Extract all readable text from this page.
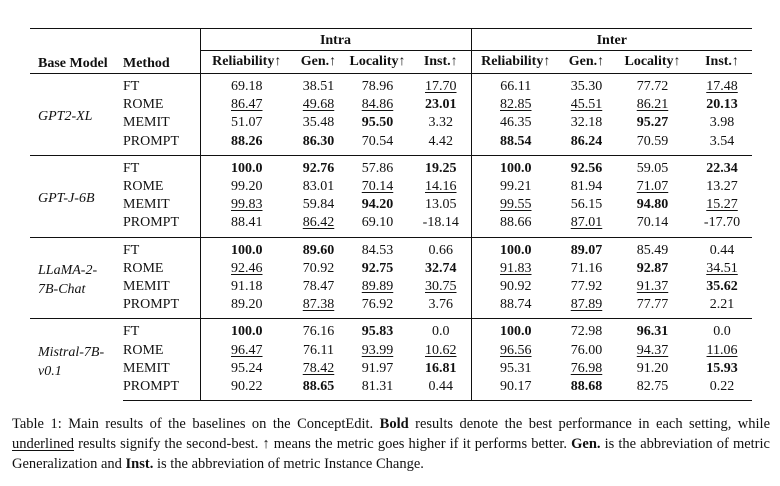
Base Model	Method	Intra				Inter			
		Reliability↑	Gen.↑	Locality↑	Inst.↑	Reliability↑	Gen.↑	Locality↑	Inst.↑
GPT2-XL	FT	69.18	38.51	78.96	17.70	66.11	35.30	77.72	17.48
	ROME	86.47	49.68	84.86	23.01	82.85	45.51	86.21	20.13
	MEMIT	51.07	35.48	95.50	3.32	46.35	32.18	95.27	3.98
	PROMPT	88.26	86.30	70.54	4.42	88.54	86.24	70.59	3.54
GPT-J-6B	FT	100.0	92.76	57.86	19.25	100.0	92.56	59.05	22.34
	ROME	99.20	83.01	70.14	14.16	99.21	81.94	71.07	13.27
	MEMIT	99.83	59.84	94.20	13.05	99.55	56.15	94.80	15.27
	PROMPT	88.41	86.42	69.10	-18.14	88.66	87.01	70.14	-17.70
LLaMA-2-
7B-Chat	FT	100.0	89.60	84.53	0.66	100.0	89.07	85.49	0.44
	ROME	92.46	70.92	92.75	32.74	91.83	71.16	92.87	34.51
	MEMIT	91.18	78.47	89.89	30.75	90.92	77.92	91.37	35.62
	PROMPT	89.20	87.38	76.92	3.76	88.74	87.89	77.77	2.21
Mistral-7B-
v0.1	FT	100.0	76.16	95.83	0.0	100.0	72.98	96.31	0.0
	ROME	96.47	76.11	93.99	10.62	96.56	76.00	94.37	11.06
	MEMIT	95.24	78.42	91.97	16.81	95.31	76.98	91.20	15.93
	PROMPT	90.22	88.65	81.31	0.44	90.17	88.68	82.75	0.22
Table 1: Main results of the baselines on the ConceptEdit. Bold results denote the best performance in each setting, while underlined results signify the second-best. ↑ means the metric goes higher if it performs better. Gen. is the abbreviation of metric Generalization and Inst. is the abbreviation of metric Instance Change.
